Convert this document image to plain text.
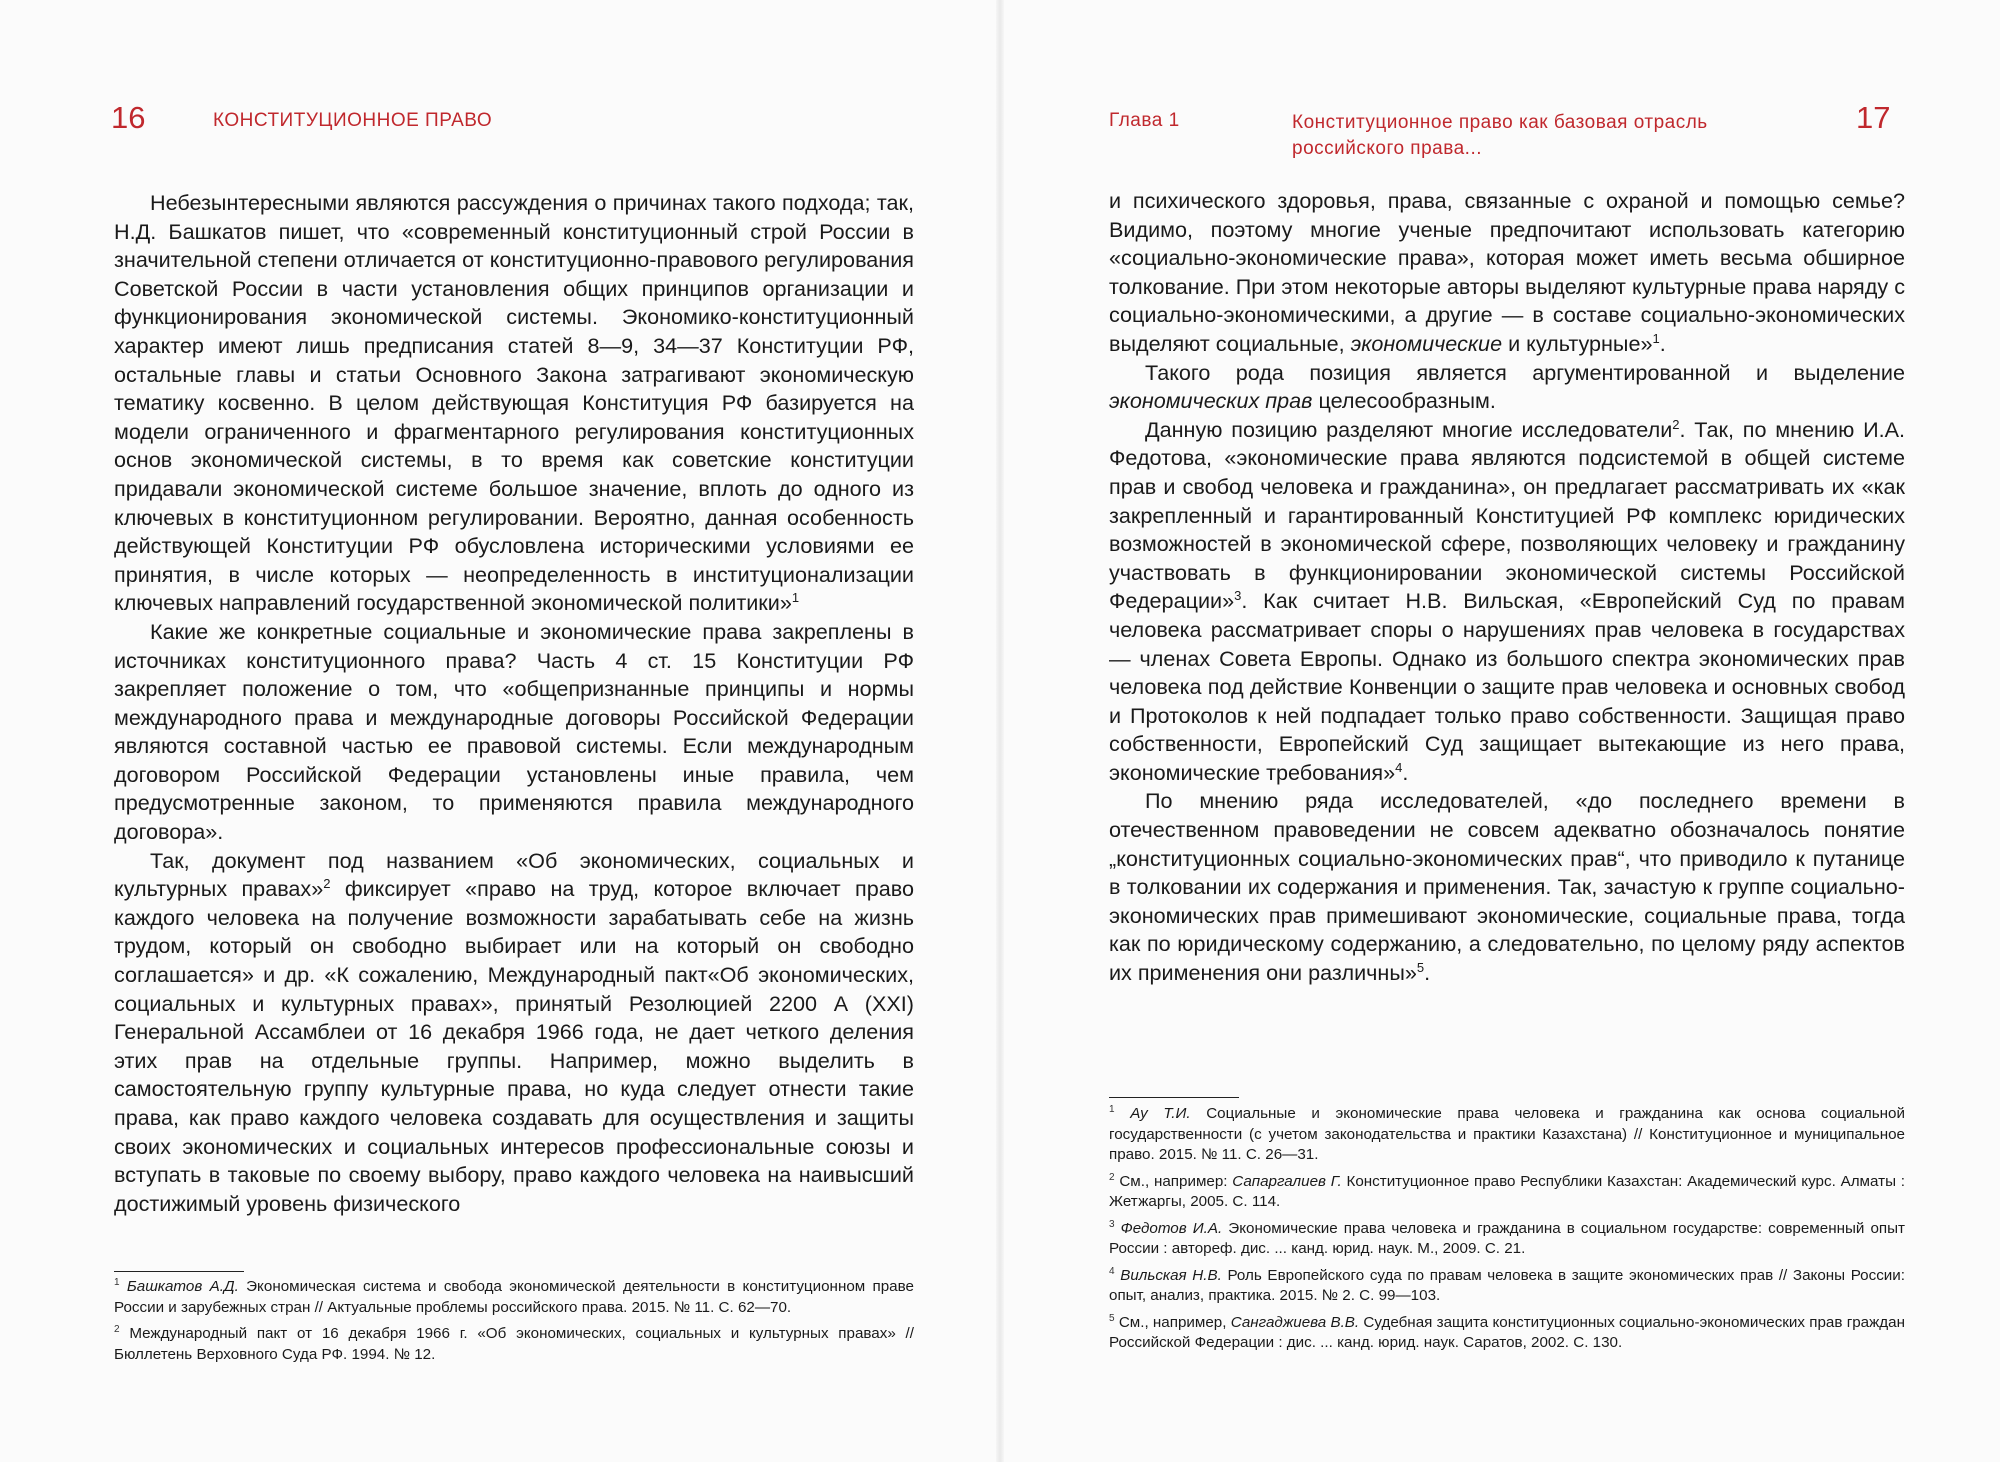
16	КОНСТИТУЦИОННОЕ ПРАВО

Небезынтересными являются рассуждения о причинах такого подхода; так, Н.Д. Башкатов пишет, что «современный конституционный строй России в значительной степени отличается от конституционно-правового регулирования Советской России в части установления общих принципов организации и функционирования экономической системы. Экономико-конституционный характер имеют лишь предписания статей 8—9, 34—37 Конституции РФ, остальные главы и статьи Основного Закона затрагивают экономическую тематику косвенно. В целом действующая Конституция РФ базируется на модели ограниченного и фрагментарного регулирования конституционных основ экономической системы, в то время как советские конституции придавали экономической системе большое значение, вплоть до одного из ключевых в конституционном регулировании. Вероятно, данная особенность действующей Конституции РФ обусловлена историческими условиями ее принятия, в числе которых — неопределенность в институционализации ключевых направлений государственной экономической политики»$^1$

Какие же конкретные социальные и экономические права закреплены в источниках конституционного права? Часть 4 ст. 15 Конституции РФ закрепляет положение о том, что «общепризнанные принципы и нормы международного права и международные договоры Российской Федерации являются составной частью ее правовой системы. Если международным договором Российской Федерации установлены иные правила, чем предусмотренные законом, то применяются правила международного договора».

Так, документ под названием «Об экономических, социальных и культурных правах»$^2$ фиксирует «право на труд, которое включает право каждого человека на получение возможности зарабатывать себе на жизнь трудом, который он свободно выбирает или на который он свободно соглашается» и др. «К сожалению, Международный пакт«Об экономических, социальных и культурных правах», принятый Резолюцией 2200 А (XXI) Генеральной Ассамблеи от 16 декабря 1966 года, не дает четкого деления этих прав на отдельные группы. Например, можно выделить в самостоятельную группу культурные права, но куда следует отнести такие права, как право каждого человека создавать для осуществления и защиты своих экономических и социальных интересов профессиональные союзы и вступать в таковые по своему выбору, право каждого человека на наивысший достижимый уровень физического

$^1$ Башкатов А.Д. Экономическая система и свобода экономической деятельности в конституционном праве России и зарубежных стран // Актуальные проблемы российского права. 2015. № 11. С. 62—70.

$^2$ Международный пакт от 16 декабря 1966 г. «Об экономических, социальных и культурных правах» // Бюллетень Верховного Суда РФ. 1994. № 12.

Глава 1	Конституционное право как базовая отрасль
российского права...
17

и психического здоровья, права, связанные с охраной и помощью семье? Видимо, поэтому многие ученые предпочитают использовать категорию «социально-экономические права», которая может иметь весьма обширное толкование. При этом некоторые авторы выделяют культурные права наряду с социально-экономическими, а другие — в составе социально-экономических выделяют социальные, экономические и культурные»$^1$.

Такого рода позиция является аргументированной и выделение экономических прав целесообразным.

Данную позицию разделяют многие исследователи$^2$. Так, по мнению И.А. Федотова, «экономические права являются подсистемой в общей системе прав и свобод человека и гражданина», он предлагает рассматривать их «как закрепленный и гарантированный Конституцией РФ комплекс юридических возможностей в экономической сфере, позволяющих человеку и гражданину участвовать в функционировании экономической системы Российской Федерации»$^3$. Как считает Н.В. Вильская, «Европейский Суд по правам человека рассматривает споры о нарушениях прав человека в государствах — членах Совета Европы. Однако из большого спектра экономических прав человека под действие Конвенции о защите прав человека и основных свобод и Протоколов к ней подпадает только право собственности. Защищая право собственности, Европейский Суд защищает вытекающие из него права, экономические требования»$^4$.

По мнению ряда исследователей, «до последнего времени в отечественном правоведении не совсем адекватно обозначалось понятие „конституционных социально-экономических прав“, что приводило к путанице в толковании их содержания и применения. Так, зачастую к группе социально-экономических прав примешивают экономические, социальные права, тогда как по юридическому содержанию, а следовательно, по целому ряду аспектов их применения они различны»$^5$.

$^1$ Ау Т.И. Социальные и экономические права человека и гражданина как основа социальной государственности (с учетом законодательства и практики Казахстана) // Конституционное и муниципальное право. 2015. № 11. С. 26—31.

$^2$ См., например: Сапаргалиев Г. Конституционное право Республики Казахстан: Академический курс. Алматы : Жетжаргы, 2005. С. 114.

$^3$ Федотов И.А. Экономические права человека и гражданина в социальном государстве: современный опыт России : автореф. дис. ... канд. юрид. наук. М., 2009. С. 21.

$^4$ Вильская Н.В. Роль Европейского суда по правам человека в защите экономических прав // Законы России: опыт, анализ, практика. 2015. № 2. С. 99—103.

$^5$ См., например, Сангаджиева В.В. Судебная защита конституционных социально-экономических прав граждан Российской Федерации : дис. ... канд. юрид. наук. Саратов, 2002. С. 130.
